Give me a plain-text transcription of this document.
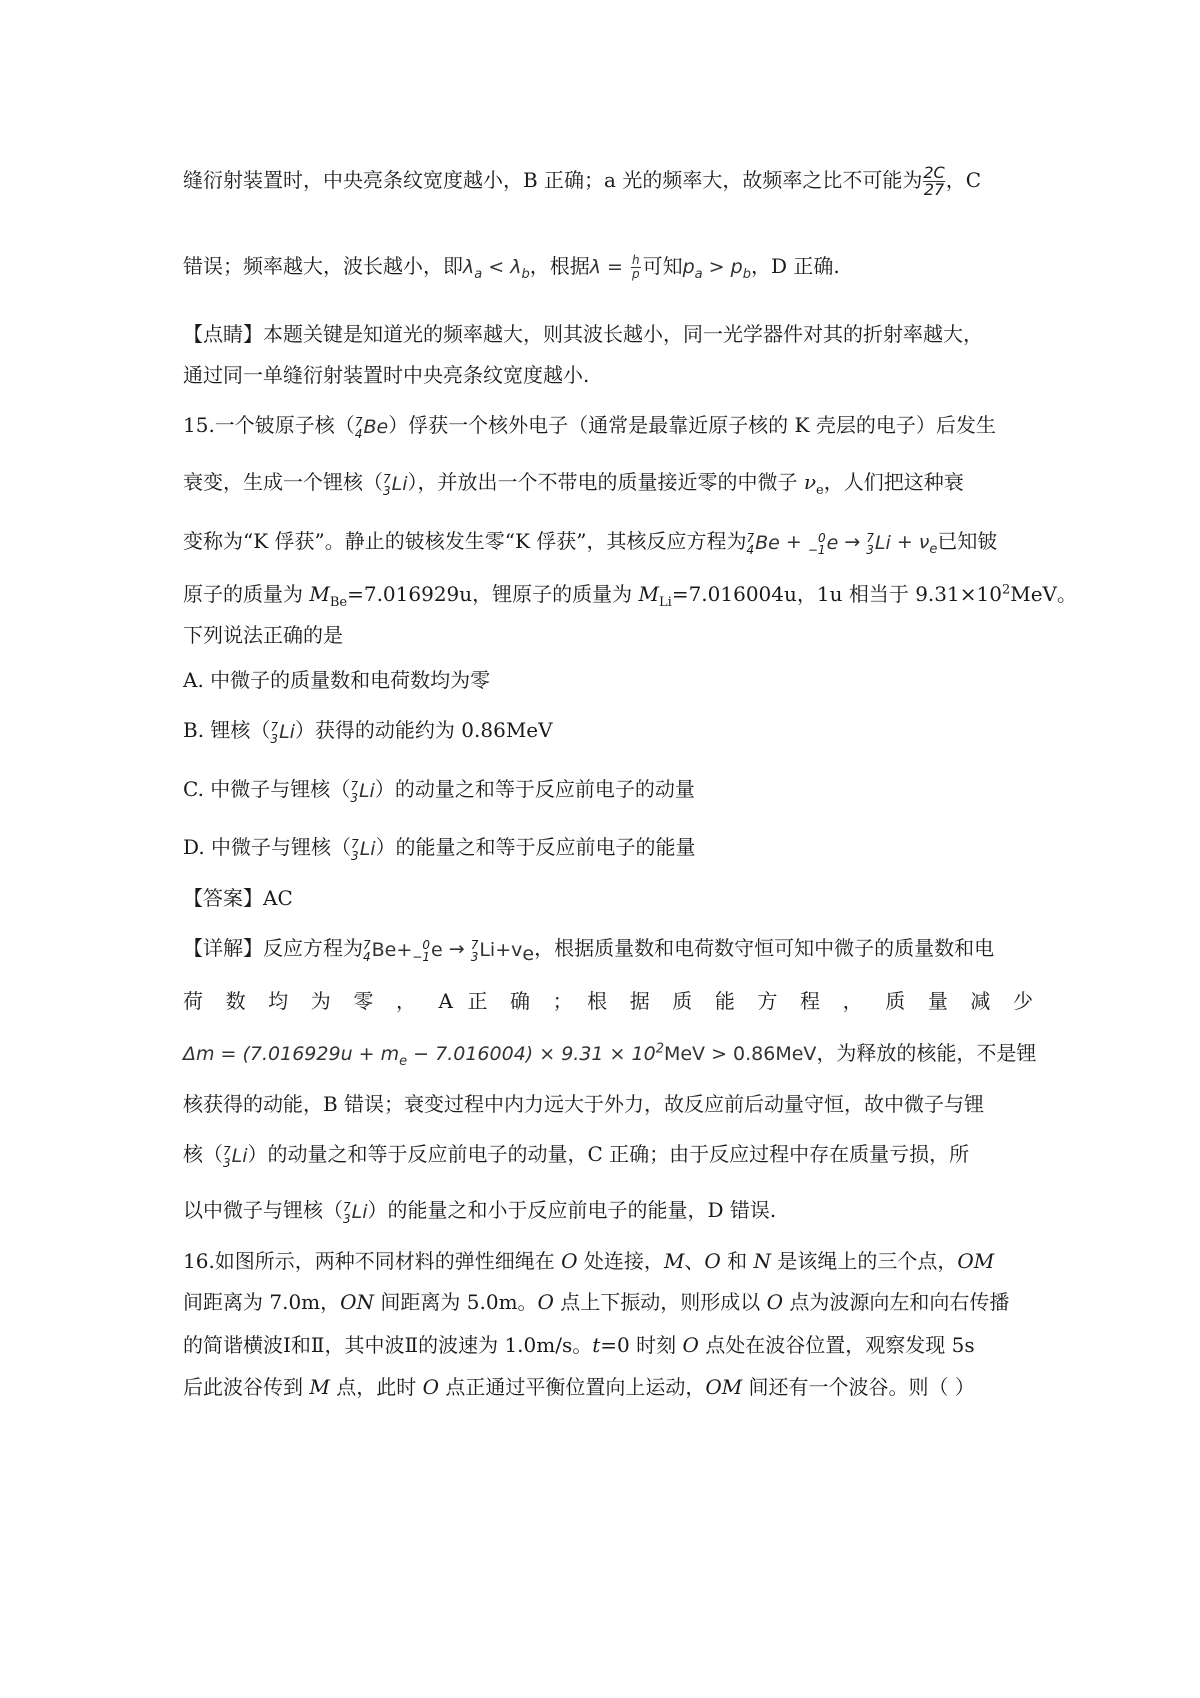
缝衍射装置时，中央亮条纹宽度越小，B 正确；a 光的频率大，故频率之比不可能为 $\frac{2C}{27}$ ，C
错误；频率越大，波长越小，即$\lambda_a < \lambda_b$，根据$\lambda = \frac{h}{p}$ 可知$p_a > p_b$，D 正确.
【点睛】本题关键是知道光的频率越大，则其波长越小，同一光学器件对其的折射率越大，
通过同一单缝衍射装置时中央亮条纹宽度越小.
15.一个铍原子核（ 7
4 Be）俘获一个核外电子（通常是最靠近原子核的 K 壳层的电子）后发生
衰变，生成一个锂核（ 7
3 Li），并放出一个不带电的质量接近零的中微子 $\nu_e$，人们把这种衰
变称为“K 俘获”。静止的铍核发生零“K 俘获”，其核反应方程为 7
4 Be + 0
−1 e → 7
3 $Li + \nu_e$已知铍
原子的质量为 $M_{Be}=7.016929u$，锂原子的质量为 $M_{Li}=7.016004u$，1u 相当于 $9.31\times 10^2MeV$。
下列说法正确的是
A. 中微子的质量数和电荷数均为零
B. 锂核（ 7
3 Li）获得的动能约为 0.86MeV
C. 中微子与锂核（ 7
3 Li）的动量之和等于反应前电子的动量
D. 中微子与锂核（ 7
3 Li）的能量之和等于反应前电子的能量
【答案】AC
【详解】反应方程为 7
4 Be+ 0
−1 e → 7
3 $Li+v_e$，根据质量数和电荷数守恒可知中微子的质量数和电
荷 数 均 为 零 ， A 正 确 ； 根 据 质 能 方 程 ， 质 量 减 少
$\Delta m = (7.016929u + m_e - 7.016004) \times 9.31 \times 10^2MeV > 0.86MeV$，为释放的核能，不是锂
核获得的动能，B 错误；衰变过程中内力远大于外力，故反应前后动量守恒，故中微子与锂
核（ 7
3 Li）的动量之和等于反应前电子的动量，C 正确；由于反应过程中存在质量亏损，所
以中微子与锂核（ 7
3 Li）的能量之和小于反应前电子的能量，D 错误.
16.如图所示，两种不同材料的弹性细绳在 O 处连接，M、O 和 N 是该绳上的三个点，OM
间距离为 7.0m，ON 间距离为 5.0m。O 点上下振动，则形成以 O 点为波源向左和向右传播
的简谐横波Ⅰ和Ⅱ，其中波Ⅱ的波速为 1.0m/s。t=0 时刻 O 点处在波谷位置，观察发现 5s
后此波谷传到 M 点，此时 O 点正通过平衡位置向上运动，OM 间还有一个波谷。则（ ）
